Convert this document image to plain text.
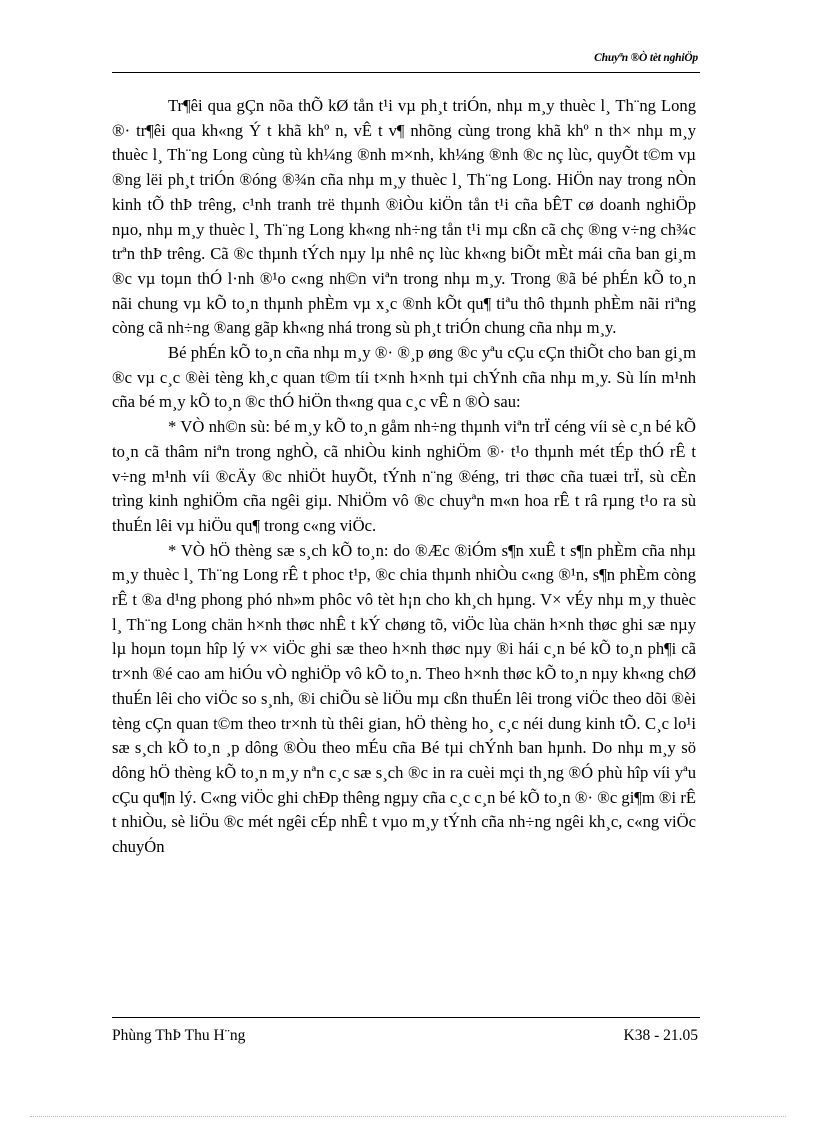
Chuyªn ®Ò tèt nghiÖp

Tr¶êi qua gÇn nõa thÕ kØ tån t¹i vµ ph¸t triÓn, nhµ m¸y thuèc l¸ Th¨ng Long ®· tr¶êi qua kh«ng Ý t khã khº n, vÊ t v¶ nhõng cùng trong khã khº n th× nhµ m¸y thuèc l¸ Th¨ng Long cùng tù kh¼ng ®nh m×nh, kh¼ng ®nh ®c nç lùc, quyÕt t©m vµ ®ng lëi ph¸t triÓn ®óng ®¾n cña nhµ m¸y thuèc l¸ Th¨ng Long. HiÖn nay trong nÒn kinh tÕ thÞ trêng, c¹nh tranh trë thµnh ®iÒu kiÖn tån t¹i cña bÊT cø doanh nghiÖp nµo, nhµ m¸y thuèc l¸ Th¨ng Long kh«ng nh÷ng tån t¹i mµ cßn cã chç ®ng v÷ng ch¾c trªn thÞ trêng. Cã ®c thµnh tÝch nµy lµ nhê nç lùc kh«ng biÕt mÈt mái cña ban gi¸m ®c vµ toµn thÓ l·nh ®¹o c«ng nh©n viªn trong nhµ m¸y. Trong ®ã bé phÉn kÕ to¸n nãi chung vµ kÕ to¸n thµnh phÈm vµ x¸c ®nh kÕt qu¶ tiªu thô thµnh phÈm nãi riªng còng cã nh÷ng ®ang gãp kh«ng nhá trong sù ph¸t triÓn chung cña nhµ m¸y.

Bé phÉn kÕ to¸n cña nhµ m¸y ®· ®¸p øng ®c yªu cÇu cÇn thiÕt cho ban gi¸m ®c vµ c¸c ®èi tèng kh¸c quan t©m tíi t×nh h×nh tµi chÝnh cña nhµ m¸y. Sù lín m¹nh cña bé m¸y kÕ to¸n ®c thÓ hiÖn th«ng qua c¸c vÊ n ®Ò sau:

* VÒ nh©n sù: bé m¸y kÕ to¸n gåm nh÷ng thµnh viªn trÏ céng víi sè c¸n bé kÕ to¸n cã thâm niªn trong nghÒ, cã nhiÒu kinh nghiÖm ®· t¹o thµnh mét tÉp thÓ rÊ t v÷ng m¹nh víi ®cÄy ®c nhiÖt huyÕt, tÝnh n¨ng ®éng, tri thøc cña tuæi trÏ, sù cÈn trìng kinh nghiÖm cña ngêi giµ. NhiÖm vô ®c chuyªn m«n hoa rÊ t râ rµng t¹o ra sù thuÉn lêi vµ hiÖu qu¶ trong c«ng viÖc.

* VÒ hÖ thèng sæ s¸ch kÕ to¸n: do ®Æc ®iÓm s¶n xuÊ t s¶n phÈm cña nhµ m¸y thuèc l¸ Th¨ng Long rÊ t phoc t¹p, ®c chia thµnh nhiÒu c«ng ®¹n, s¶n phÈm còng rÊ t ®a d¹ng phong phó nh»m phôc vô tèt h¡n cho kh¸ch hµng. V× vÉy nhµ m¸y thuèc l¸ Th¨ng Long chän h×nh thøc nhÊ t kÝ chøng tõ, viÖc lùa chän h×nh thøc ghi sæ nµy lµ hoµn toµn hîp lý v× viÖc ghi sæ theo h×nh thøc nµy ®i hái c¸n bé kÕ to¸n ph¶i cã tr×nh ®é cao am hiÓu vÒ nghiÖp vô kÕ to¸n. Theo h×nh thøc kÕ to¸n nµy kh«ng chØ thuÉn lêi cho viÖc so s¸nh, ®i chiÕu sè liÖu mµ cßn thuÉn lêi trong viÖc theo dõi ®èi tèng cÇn quan t©m theo tr×nh tù thêi gian, hÖ thèng ho¸ c¸c néi dung kinh tÕ. C¸c lo¹i sæ s¸ch kÕ to¸n ¸p dông ®Òu theo mÉu cña Bé tµi chÝnh ban hµnh. Do nhµ m¸y sö dông hÖ thèng kÕ to¸n m¸y nªn c¸c sæ s¸ch ®c in ra cuèi mçi th¸ng ®Ó phù hîp víi yªu cÇu qu¶n lý. C«ng viÖc ghi chÐp thêng ngµy cña c¸c c¸n bé kÕ to¸n ®· ®c gi¶m ®i rÊ t nhiÒu, sè liÖu ®c mét ngêi cÉp nhÊ t vµo m¸y tÝnh cña nh÷ng ngêi kh¸c, c«ng viÖc chuyÓn

Phùng ThÞ Thu H¨ng	K38 - 21.05
